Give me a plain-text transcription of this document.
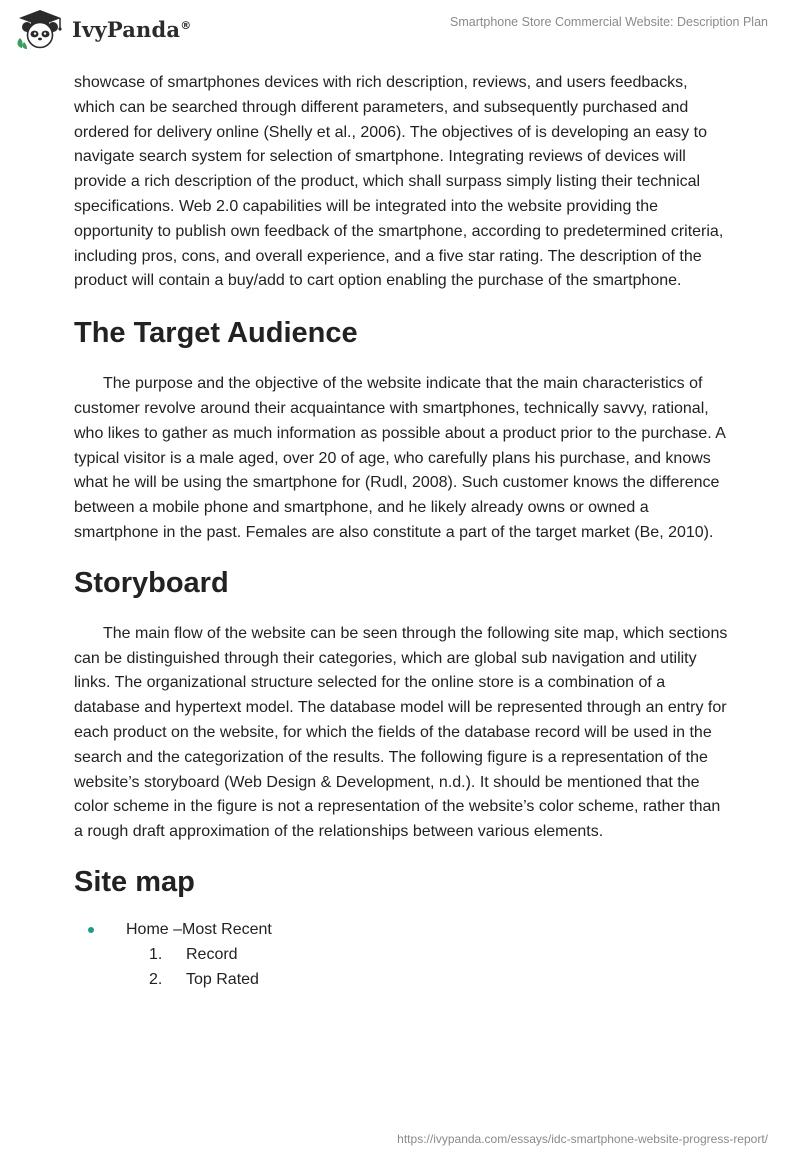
IvyPanda®	Smartphone Store Commercial Website: Description Plan

showcase of smartphones devices with rich description, reviews, and users feedbacks, which can be searched through different parameters, and subsequently purchased and ordered for delivery online (Shelly et al., 2006). The objectives of is developing an easy to navigate search system for selection of smartphone. Integrating reviews of devices will provide a rich description of the product, which shall surpass simply listing their technical specifications. Web 2.0 capabilities will be integrated into the website providing the opportunity to publish own feedback of the smartphone, according to predetermined criteria, including pros, cons, and overall experience, and a five star rating. The description of the product will contain a buy/add to cart option enabling the purchase of the smartphone.

The Target Audience

The purpose and the objective of the website indicate that the main characteristics of customer revolve around their acquaintance with smartphones, technically savvy, rational, who likes to gather as much information as possible about a product prior to the purchase. A typical visitor is a male aged, over 20 of age, who carefully plans his purchase, and knows what he will be using the smartphone for (Rudl, 2008). Such customer knows the difference between a mobile phone and smartphone, and he likely already owns or owned a smartphone in the past. Females are also constitute a part of the target market (Be, 2010).

Storyboard

The main flow of the website can be seen through the following site map, which sections can be distinguished through their categories, which are global sub navigation and utility links. The organizational structure selected for the online store is a combination of a database and hypertext model. The database model will be represented through an entry for each product on the website, for which the fields of the database record will be used in the search and the categorization of the results. The following figure is a representation of the website’s storyboard (Web Design & Development, n.d.). It should be mentioned that the color scheme in the figure is not a representation of the website’s color scheme, rather than a rough draft approximation of the relationships between various elements.

Site map
Home –Most Recent
1. Record
2. Top Rated
https://ivypanda.com/essays/idc-smartphone-website-progress-report/
